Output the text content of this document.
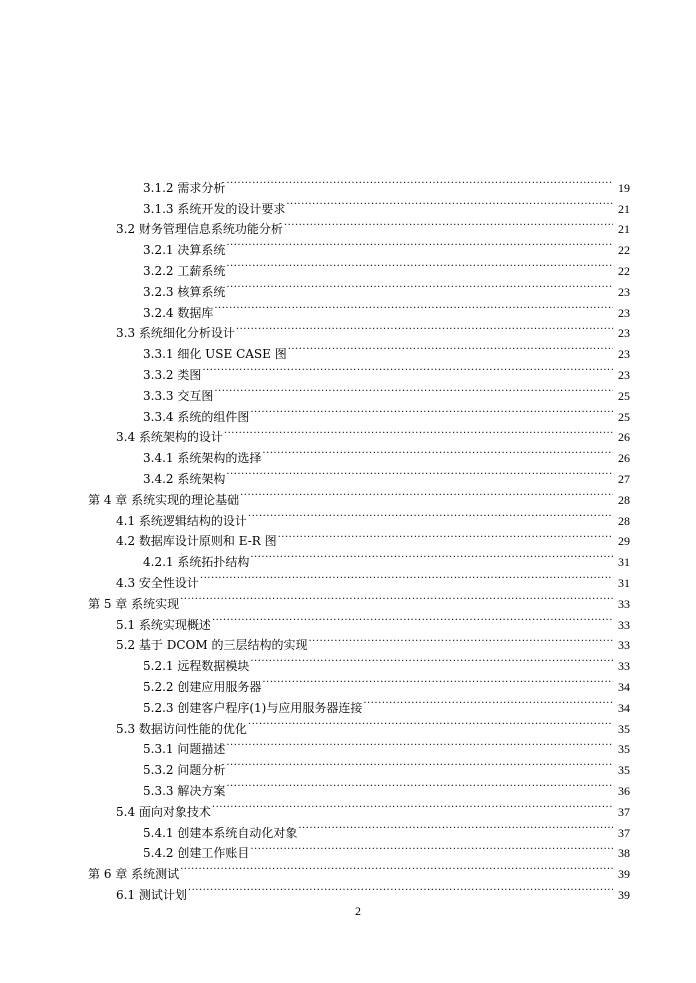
3.1.2 需求分析 .....	19
3.1.3 系统开发的设计要求 .....	21
3.2 财务管理信息系统功能分析 .....	21
3.2.1 决算系统 .....	22
3.2.2 工薪系统 .....	22
3.2.3 核算系统 .....	23
3.2.4 数据库 .....	23
3.3 系统细化分析设计 .....	23
3.3.1 细化 USE CASE 图 .....	23
3.3.2 类图 .....	23
3.3.3 交互图 .....	25
3.3.4 系统的组件图 .....	25
3.4 系统架构的设计 .....	26
3.4.1 系统架构的选择 .....	26
3.4.2 系统架构 .....	27
第 4 章 系统实现的理论基础 .....	28
4.1 系统逻辑结构的设计 .....	28
4.2 数据库设计原则和 E-R 图 .....	29
4.2.1 系统拓扑结构 .....	31
4.3 安全性设计 .....	31
第 5 章 系统实现 .....	33
5.1 系统实现概述 .....	33
5.2 基于 DCOM 的三层结构的实现 .....	33
5.2.1 远程数据模块 .....	33
5.2.2 创建应用服务器 .....	34
5.2.3 创建客户程序(1)与应用服务器连接 .....	34
5.3 数据访问性能的优化 .....	35
5.3.1 问题描述 .....	35
5.3.2 问题分析 .....	35
5.3.3 解决方案 .....	36
5.4 面向对象技术 .....	37
5.4.1 创建本系统自动化对象 .....	37
5.4.2 创建工作账目 .....	38
第 6 章 系统测试 .....	39
6.1 测试计划 .....	39
2
